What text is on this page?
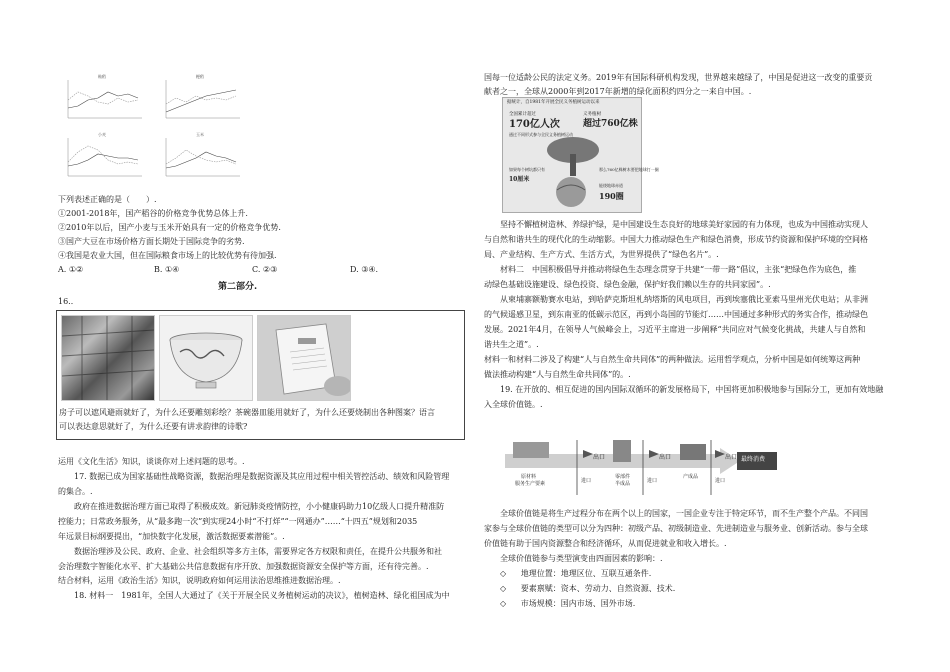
籼稻	粳稻
小麦	玉米
下列表述正确的是（　　）.
①2001-2018年，国产稻谷的价格竞争优势总体上升.
②2010年以后，国产小麦与玉米开始具有一定的价格竞争优势.
③国产大豆在市场价格方面长期处于国际竞争的劣势.
④我国是农业大国，但在国际粮食市场上的比较优势有待加强.
A. ①②	B. ①④	C. ②③	D. ③④.
第二部分.
16.．
房子可以遮风避雨就好了，为什么还要雕刻彩绘？茶碗器皿能用就好了，为什么还要烧制出各种图案？语言
可以表达意思就好了，为什么还要有讲求韵律的诗歌?
运用《文化生活》知识，谈谈你对上述问题的思考。.
17. 数据已成为国家基础性战略资源，数据治理是数据资源及其应用过程中相关管控活动、绩效和风险管理
的集合。.
政府在推进数据治理方面已取得了积极成效。新冠肺炎疫情防控，小小健康码助力10亿级人口提升精准防
控能力；日常政务服务，从“最多跑一次”到实现24小时“不打烊”“一网通办”……“十四五”规划和2035
年远景目标纲要提出，“加快数字化发展，激活数据要素潜能”。.
数据治理涉及公民、政府、企业、社会组织等多方主体，需要界定各方权限和责任，在提升公共服务和社
会治理数字智能化水平、扩大基础公共信息数据有序开放、加强数据资源安全保护等方面，还有待完善。.
结合材料，运用《政治生活》知识，说明政府如何运用法治思维推进数据治理。.
18. 材料一　1981年，全国人大通过了《关于开展全民义务植树运动的决议》，植树造林、绿化祖国成为中
国每一位适龄公民的法定义务。2019年有国际科研机构发现，世界越来越绿了，中国是促进这一改变的重要贡
献者之一，全球从2000年到2017年新增的绿化面积约四分之一来自中国。.
据统计，自1981年开展全民义务植树运动以来
全国累计超过
170亿人次
通过不同形式参与全民义务植树运动
义务植树
超过760亿株
如果每个树坑都只有
10厘米
那么760亿株树木要把地球打一圈
能绕地球赤道
190圈
坚持不懈植树造林、养绿护绿，是中国建设生态良好的地球美好家园的有力体现，也成为中国推动实现人
与自然和谐共生的现代化的生动缩影。中国大力推动绿色生产和绿色消费，形成节约资源和保护环境的空间格
局、产业结构、生产方式、生活方式，为世界提供了“绿色名片”。.
材料二　中国积极倡导并推动将绿色生态理念贯穿于共建“一带一路”倡议，主张“把绿色作为底色，推
动绿色基础设施建设、绿色投资、绿色金融，保护好我们赖以生存的共同家园”。.
从柬埔寨额勒赛水电站，到哈萨克斯坦札纳塔斯的风电项目，再到埃塞俄比亚索马里州光伏电站；从非洲
的气候遥感卫星，到东南亚的低碳示范区，再到小岛国的节能灯……中国通过多种形式的务实合作，推动绿色
发展。2021年4月，在领导人气候峰会上，习近平主席进一步阐释“共同应对气候变化挑战，共建人与自然和
谐共生之道”。.
材料一和材料二涉及了构建“人与自然生命共同体”的两种做法。运用哲学观点，分析中国是如何统筹这两种
做法推动构建“人与自然生命共同体”的。.
19. 在开放的、相互促进的国内国际双循环的新发展格局下，中国将更加积极地参与国际分工，更加有效地融
入全球价值链。.
出口	出口	出口 最终消费
原材料
服务生产要素
零部件
半成品
产成品
进口	进口	进口
全球价值链是将生产过程分布在两个以上的国家，一国企业专注于特定环节，而不生产整个产品。不同国
家参与全球价值链的类型可以分为四种：初级产品、初级制造业、先进制造业与服务业、创新活动。参与全球
价值链有助于国内资源整合和经济循环，从而促进就业和收入增长。.
全球价值链参与类型演变由四面因素的影响：.
◇ 地理位置：地理区位、互联互通条件.
◇ 要素禀赋：资本、劳动力、自然资源、技术.
◇ 市场规模：国内市场、国外市场.
